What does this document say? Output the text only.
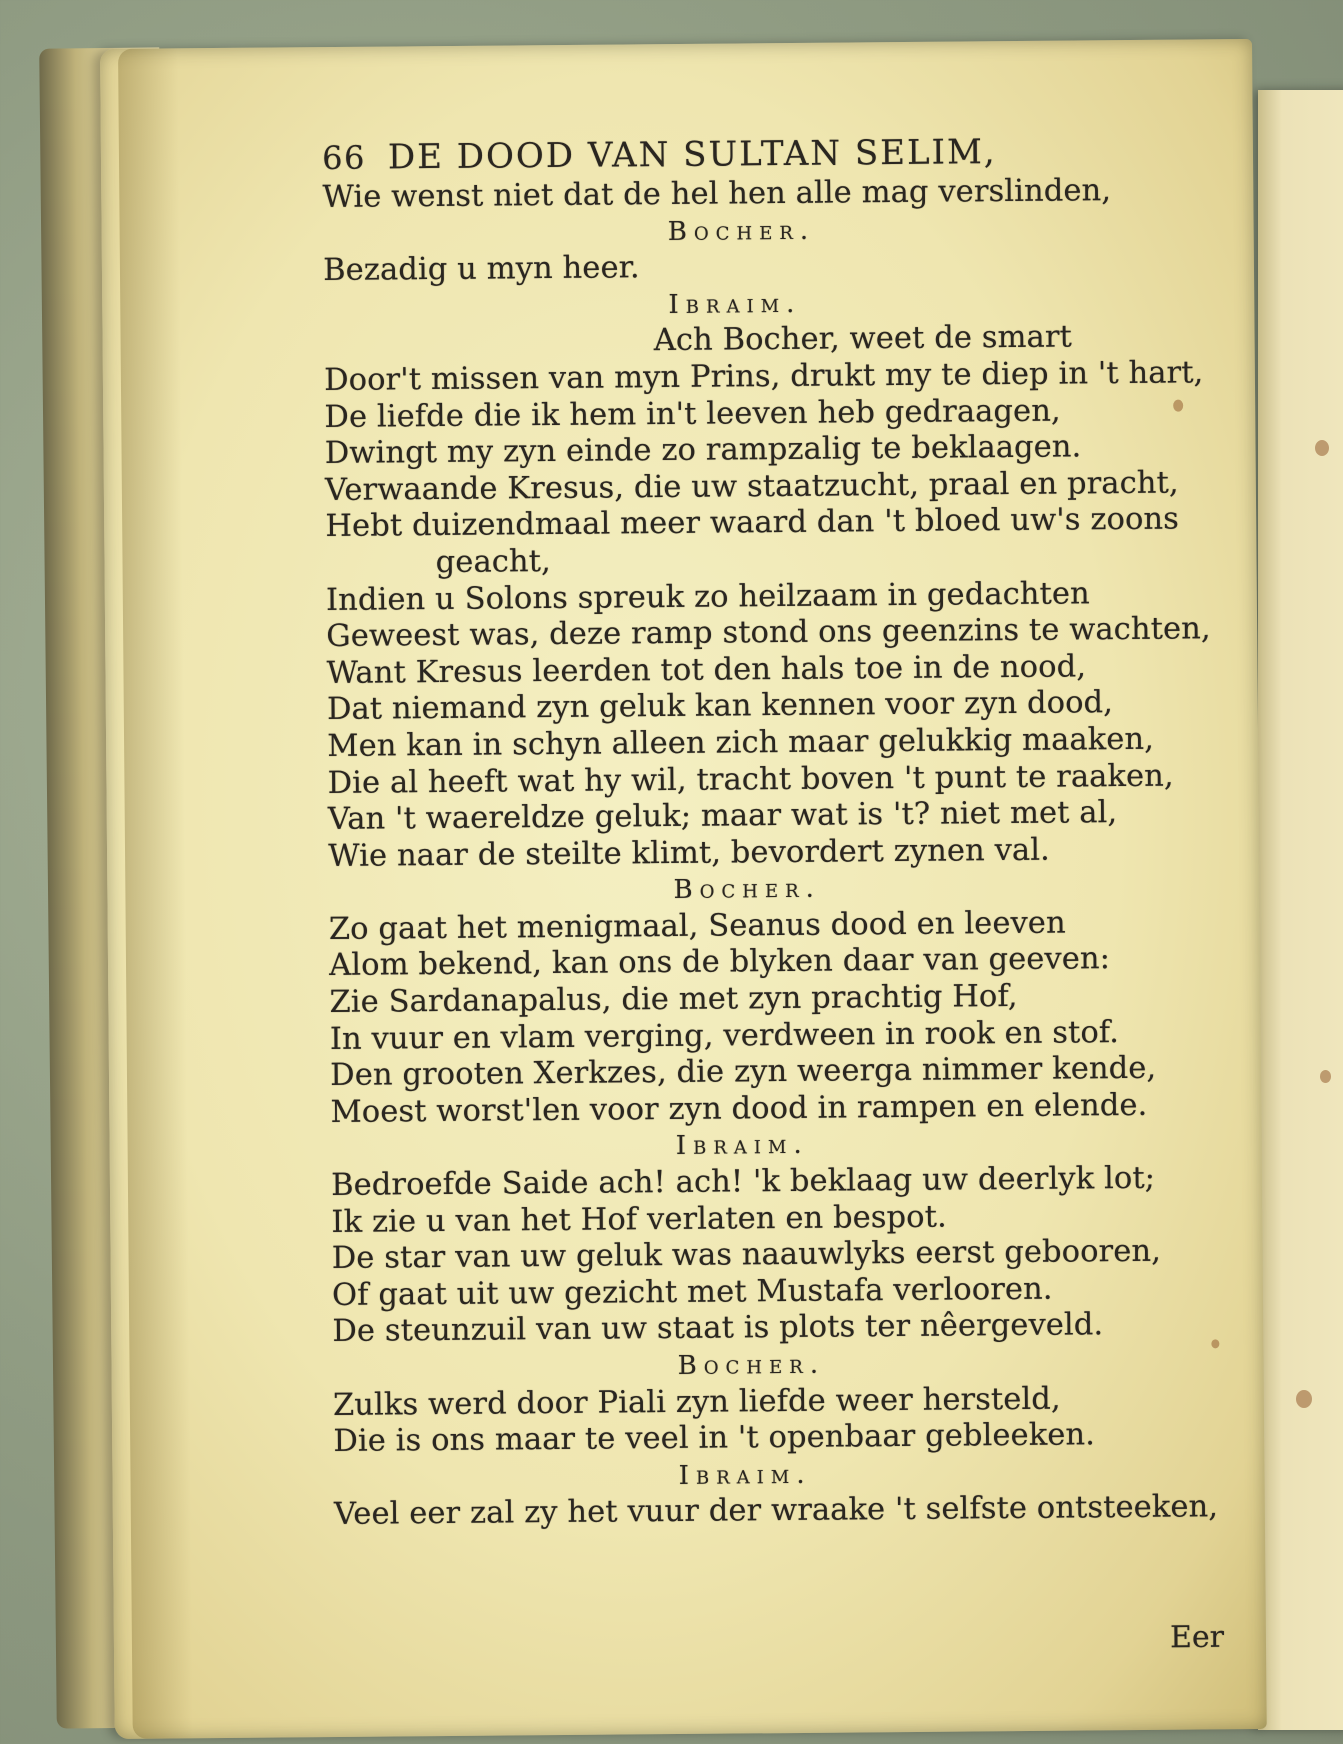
66 DE DOOD VAN SULTAN SELIM,
Wie wenst niet dat de hel hen alle mag verslinden,
Bocher.
Bezadig u myn heer.
Ibraim.
Ach Bocher, weet de smart
Door't missen van myn Prins, drukt my te diep in 't hart,
De liefde die ik hem in't leeven heb gedraagen,
Dwingt my zyn einde zo rampzalig te beklaagen.
Verwaande Kresus, die uw staatzucht, praal en pracht,
Hebt duizendmaal meer waard dan 't bloed uw's zoons
geacht,
Indien u Solons spreuk zo heilzaam in gedachten
Geweest was, deze ramp stond ons geenzins te wachten,
Want Kresus leerden tot den hals toe in de nood,
Dat niemand zyn geluk kan kennen voor zyn dood,
Men kan in schyn alleen zich maar gelukkig maaken,
Die al heeft wat hy wil, tracht boven 't punt te raaken,
Van 't waereldze geluk; maar wat is 't? niet met al,
Wie naar de steilte klimt, bevordert zynen val.
Bocher.
Zo gaat het menigmaal, Seanus dood en leeven
Alom bekend, kan ons de blyken daar van geeven:
Zie Sardanapalus, die met zyn prachtig Hof,
In vuur en vlam verging, verdween in rook en stof.
Den grooten Xerkzes, die zyn weerga nimmer kende,
Moest worst'len voor zyn dood in rampen en elende.
Ibraim.
Bedroefde Saide ach! ach! 'k beklaag uw deerlyk lot;
Ik zie u van het Hof verlaten en bespot.
De star van uw geluk was naauwlyks eerst gebooren,
Of gaat uit uw gezicht met Mustafa verlooren.
De steunzuil van uw staat is plots ter nêergeveld.
Bocher.
Zulks werd door Piali zyn liefde weer hersteld,
Die is ons maar te veel in 't openbaar gebleeken.
Ibraim.
Veel eer zal zy het vuur der wraake 't selfste ontsteeken,
Eer
